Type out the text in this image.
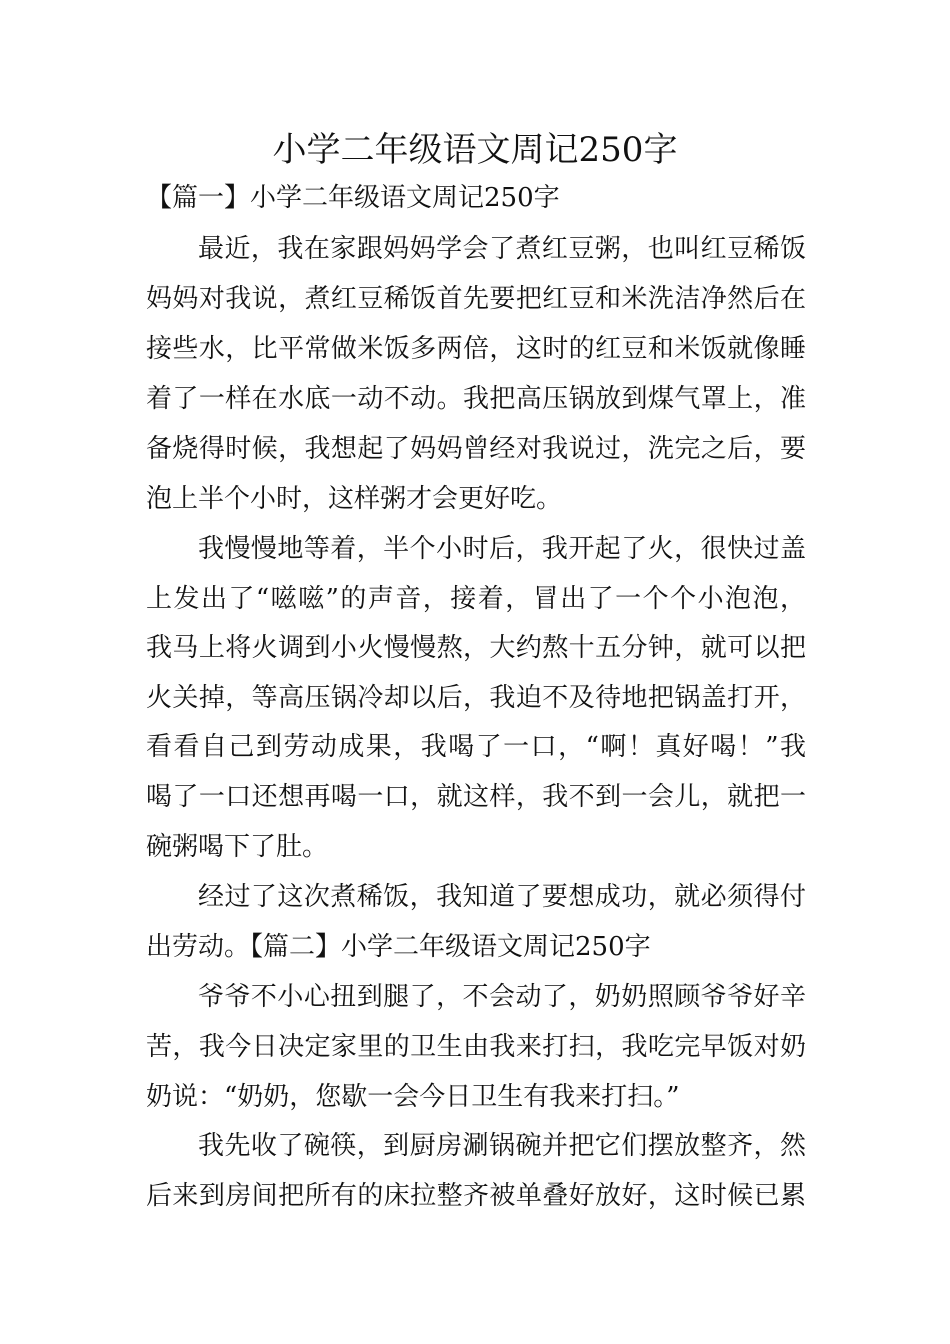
小学二年级语文周记250字
【篇一】小学二年级语文周记250字
最近，我在家跟妈妈学会了煮红豆粥，也叫红豆稀饭
妈妈对我说，煮红豆稀饭首先要把红豆和米洗洁净然后在
接些水，比平常做米饭多两倍，这时的红豆和米饭就像睡
着了一样在水底一动不动。我把高压锅放到煤气罩上，准
备烧得时候，我想起了妈妈曾经对我说过，洗完之后，要
泡上半个小时，这样粥才会更好吃。
我慢慢地等着，半个小时后，我开起了火，很快过盖
上发出了“嗞嗞”的声音，接着，冒出了一个个小泡泡，
我马上将火调到小火慢慢熬，大约熬十五分钟，就可以把
火关掉，等高压锅冷却以后，我迫不及待地把锅盖打开，
看看自己到劳动成果，我喝了一口，“啊！真好喝！”我
喝了一口还想再喝一口，就这样，我不到一会儿，就把一
碗粥喝下了肚。
经过了这次煮稀饭，我知道了要想成功，就必须得付
出劳动。【篇二】小学二年级语文周记250字
爷爷不小心扭到腿了，不会动了，奶奶照顾爷爷好辛
苦，我今日决定家里的卫生由我来打扫，我吃完早饭对奶
奶说：“奶奶，您歇一会今日卫生有我来打扫。”
我先收了碗筷，到厨房涮锅碗并把它们摆放整齐，然
后来到房间把所有的床拉整齐被单叠好放好，这时候已累
